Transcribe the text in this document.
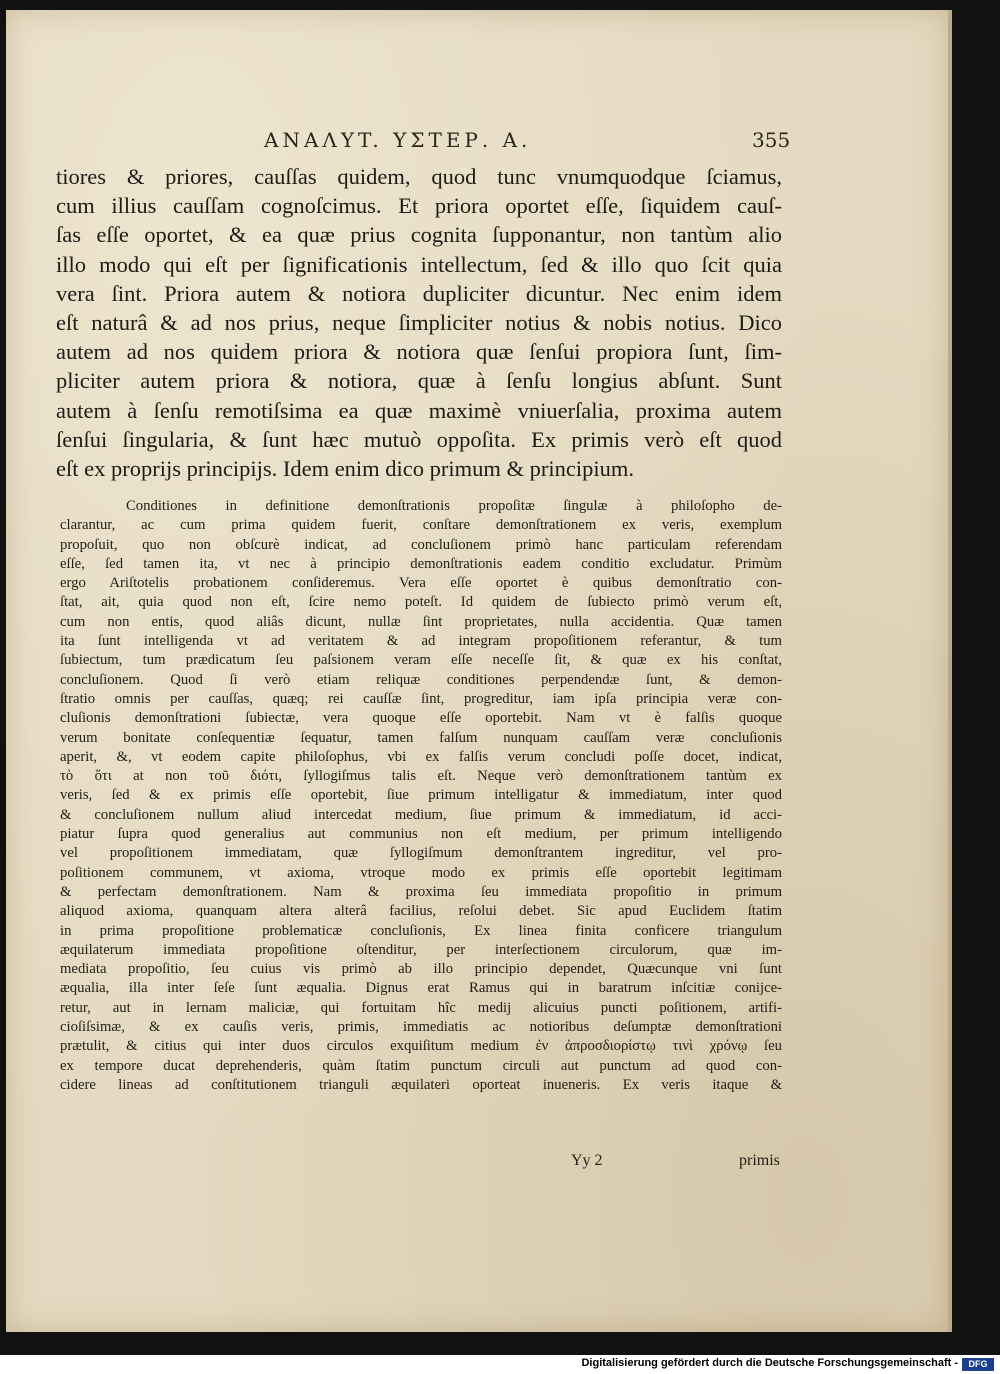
ANAΛYT. ΥΣΤΕΡ. A.	355
tiores & priores, cauſſas quidem, quod tunc vnumquodque ſciamus,
cum illius cauſſam cognoſcimus. Et priora oportet eſſe, ſiquidem cauſ-
ſas eſſe oportet, & ea quæ prius cognita ſupponantur, non tantùm alio
illo modo qui eſt per ſignificationis intellectum, ſed & illo quo ſcit quia
vera ſint. Priora autem & notiora dupliciter dicuntur. Nec enim idem
eſt naturâ & ad nos prius, neque ſimpliciter notius & nobis notius. Dico
autem ad nos quidem priora & notiora quæ ſenſui propiora ſunt, ſim-
pliciter autem priora & notiora, quæ à ſenſu longius abſunt. Sunt
autem à ſenſu remotiſsima ea quæ maximè vniuerſalia, proxima autem
ſenſui ſingularia, & ſunt hæc mutuò oppoſita. Ex primis verò eſt quod
eſt ex proprijs principijs. Idem enim dico primum & principium.
Conditiones in definitione demonſtrationis propoſitæ ſingulæ à philoſopho de-
clarantur, ac cum prima quidem fuerit, conſtare demonſtrationem ex veris, exemplum
propoſuit, quo non obſcurè indicat, ad concluſionem primò hanc particulam referendam
eſſe, ſed tamen ita, vt nec à principio demonſtrationis eadem conditio excludatur. Primùm
ergo Ariſtotelis probationem conſideremus. Vera eſſe oportet è quibus demonſtratio con-
ſtat, ait, quia quod non eſt, ſcire nemo poteſt. Id quidem de ſubiecto primò verum eſt,
cum non entis, quod aliâs dicunt, nullæ ſint proprietates, nulla accidentia. Quæ tamen
ita ſunt intelligenda vt ad veritatem & ad integram propoſitionem referantur, & tum
ſubiectum, tum prædicatum ſeu paſsionem veram eſſe neceſſe ſit, & quæ ex his conſtat,
concluſionem. Quod ſi verò etiam reliquæ conditiones perpendendæ ſunt, & demon-
ſtratio omnis per cauſſas, quæq; rei cauſſæ ſint, progreditur, iam ipſa principia veræ con-
cluſionis demonſtrationi ſubiectæ, vera quoque eſſe oportebit. Nam vt è falſis quoque
verum bonitate conſequentiæ ſequatur, tamen falſum nunquam cauſſam veræ concluſionis
aperit, &, vt eodem capite philoſophus, vbi ex falſis verum concludi poſſe docet, indicat,
τὸ ὅτι at non τοῦ διότι, ſyllogiſmus talis eſt. Neque verò demonſtrationem tantùm ex
veris, ſed & ex primis eſſe oportebit, ſiue primum intelligatur & immediatum, inter quod
& concluſionem nullum aliud intercedat medium, ſiue primum & immediatum, id acci-
piatur ſupra quod generalius aut communius non eſt medium, per primum intelligendo
vel propoſitionem immediatam, quæ ſyllogiſmum demonſtrantem ingreditur, vel pro-
poſitionem communem, vt axioma, vtroque modo ex primis eſſe oportebit legitimam
& perfectam demonſtrationem. Nam & proxima ſeu immediata propoſitio in primum
aliquod axioma, quanquam altera alterâ facilius, reſolui debet. Sic apud Euclidem ſtatim
in prima propoſitione problematicæ concluſionis, Ex linea finita conficere triangulum
æquilaterum immediata propoſitione oſtenditur, per interſectionem circulorum, quæ im-
mediata propoſitio, ſeu cuius vis primò ab illo principio dependet, Quæcunque vni ſunt
æqualia, illa inter ſeſe ſunt æqualia. Dignus erat Ramus qui in baratrum inſcitiæ conijce-
retur, aut in lernam maliciæ, qui fortuitam hîc medij alicuius puncti poſitionem, artifi-
cioſiſsimæ, & ex cauſis veris, primis, immediatis ac notioribus deſumptæ demonſtrationi
prætulit, & citius qui inter duos circulos exquiſitum medium ἐν ἀπροσδιορίστῳ τινὶ χρόνῳ ſeu
ex tempore ducat deprehenderis, quàm ſtatim punctum circuli aut punctum ad quod con-
cidere lineas ad conſtitutionem trianguli æquilateri oporteat inueneris. Ex veris itaque &
Yy 2	primis
Digitalisierung gefördert durch die Deutsche Forschungsgemeinschaft -	DFG
